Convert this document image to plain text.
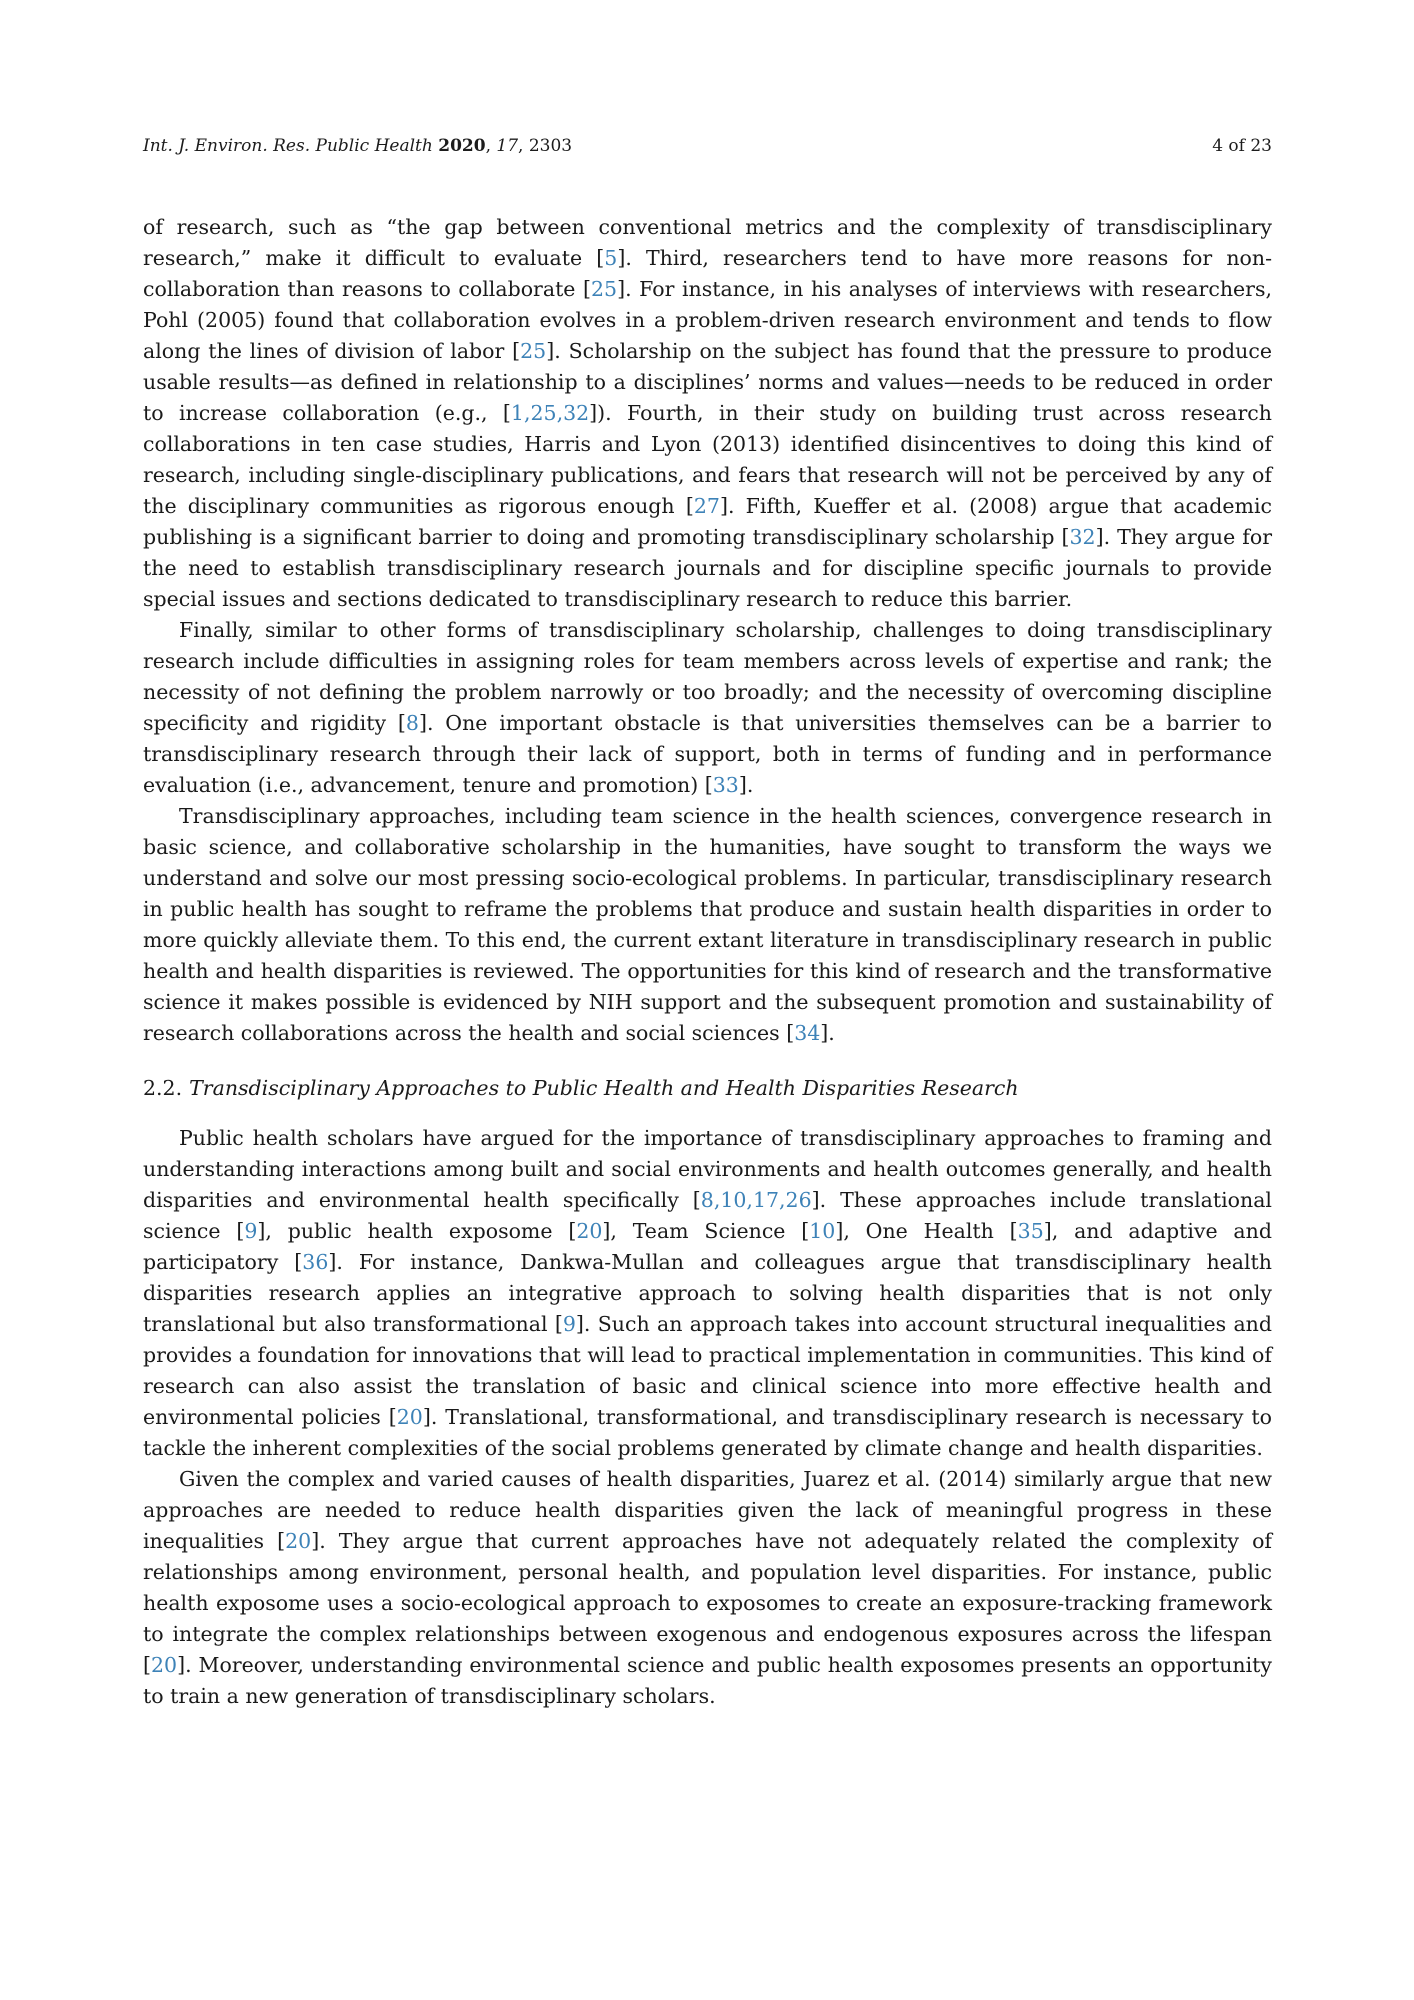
Int. J. Environ. Res. Public Health 2020, 17, 2303	4 of 23

of research, such as “the gap between conventional metrics and the complexity of transdisciplinary research,” make it difficult to evaluate [5]. Third, researchers tend to have more reasons for non-collaboration than reasons to collaborate [25]. For instance, in his analyses of interviews with researchers, Pohl (2005) found that collaboration evolves in a problem-driven research environment and tends to flow along the lines of division of labor [25]. Scholarship on the subject has found that the pressure to produce usable results—as defined in relationship to a disciplines’ norms and values—needs to be reduced in order to increase collaboration (e.g., [1,25,32]). Fourth, in their study on building trust across research collaborations in ten case studies, Harris and Lyon (2013) identified disincentives to doing this kind of research, including single-disciplinary publications, and fears that research will not be perceived by any of the disciplinary communities as rigorous enough [27]. Fifth, Kueffer et al. (2008) argue that academic publishing is a significant barrier to doing and promoting transdisciplinary scholarship [32]. They argue for the need to establish transdisciplinary research journals and for discipline specific journals to provide special issues and sections dedicated to transdisciplinary research to reduce this barrier.

Finally, similar to other forms of transdisciplinary scholarship, challenges to doing transdisciplinary research include difficulties in assigning roles for team members across levels of expertise and rank; the necessity of not defining the problem narrowly or too broadly; and the necessity of overcoming discipline specificity and rigidity [8]. One important obstacle is that universities themselves can be a barrier to transdisciplinary research through their lack of support, both in terms of funding and in performance evaluation (i.e., advancement, tenure and promotion) [33].

Transdisciplinary approaches, including team science in the health sciences, convergence research in basic science, and collaborative scholarship in the humanities, have sought to transform the ways we understand and solve our most pressing socio-ecological problems. In particular, transdisciplinary research in public health has sought to reframe the problems that produce and sustain health disparities in order to more quickly alleviate them. To this end, the current extant literature in transdisciplinary research in public health and health disparities is reviewed. The opportunities for this kind of research and the transformative science it makes possible is evidenced by NIH support and the subsequent promotion and sustainability of research collaborations across the health and social sciences [34].

2.2. Transdisciplinary Approaches to Public Health and Health Disparities Research

Public health scholars have argued for the importance of transdisciplinary approaches to framing and understanding interactions among built and social environments and health outcomes generally, and health disparities and environmental health specifically [8,10,17,26]. These approaches include translational science [9], public health exposome [20], Team Science [10], One Health [35], and adaptive and participatory [36]. For instance, Dankwa-Mullan and colleagues argue that transdisciplinary health disparities research applies an integrative approach to solving health disparities that is not only translational but also transformational [9]. Such an approach takes into account structural inequalities and provides a foundation for innovations that will lead to practical implementation in communities. This kind of research can also assist the translation of basic and clinical science into more effective health and environmental policies [20]. Translational, transformational, and transdisciplinary research is necessary to tackle the inherent complexities of the social problems generated by climate change and health disparities.

Given the complex and varied causes of health disparities, Juarez et al. (2014) similarly argue that new approaches are needed to reduce health disparities given the lack of meaningful progress in these inequalities [20]. They argue that current approaches have not adequately related the complexity of relationships among environment, personal health, and population level disparities. For instance, public health exposome uses a socio-ecological approach to exposomes to create an exposure-tracking framework to integrate the complex relationships between exogenous and endogenous exposures across the lifespan [20]. Moreover, understanding environmental science and public health exposomes presents an opportunity to train a new generation of transdisciplinary scholars.
